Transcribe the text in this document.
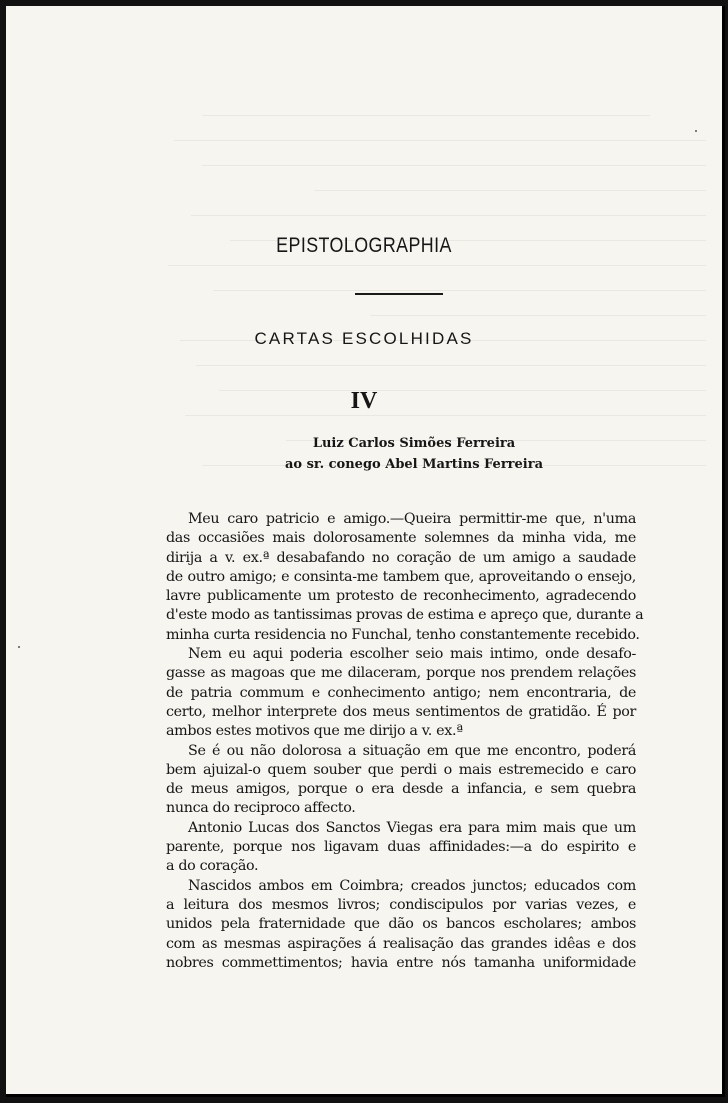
EPISTOLOGRAPHIA
CARTAS ESCOLHIDAS
IV
Luiz Carlos Simões Ferreira
ao sr. conego Abel Martins Ferreira
Meu caro patricio e amigo.—Queira permittir-me que, n'uma
das occasiões mais dolorosamente solemnes da minha vida, me
dirija a v. ex.ª desabafando no coração de um amigo a saudade
de outro amigo; e consinta-me tambem que, aproveitando o ensejo,
lavre publicamente um protesto de reconhecimento, agradecendo
d'este modo as tantissimas provas de estima e apreço que, durante a
minha curta residencia no Funchal, tenho constantemente recebido.
Nem eu aqui poderia escolher seio mais intimo, onde desafo-
gasse as magoas que me dilaceram, porque nos prendem relações
de patria commum e conhecimento antigo; nem encontraria, de
certo, melhor interprete dos meus sentimentos de gratidão. É por
ambos estes motivos que me dirijo a v. ex.ª
Se é ou não dolorosa a situação em que me encontro, poderá
bem ajuizal-o quem souber que perdi o mais estremecido e caro
de meus amigos, porque o era desde a infancia, e sem quebra
nunca do reciproco affecto.
Antonio Lucas dos Sanctos Viegas era para mim mais que um
parente, porque nos ligavam duas affinidades:—a do espirito e
a do coração.
Nascidos ambos em Coimbra; creados junctos; educados com
a leitura dos mesmos livros; condiscipulos por varias vezes, e
unidos pela fraternidade que dão os bancos escholares; ambos
com as mesmas aspirações á realisação das grandes idêas e dos
nobres commettimentos; havia entre nós tamanha uniformidade
